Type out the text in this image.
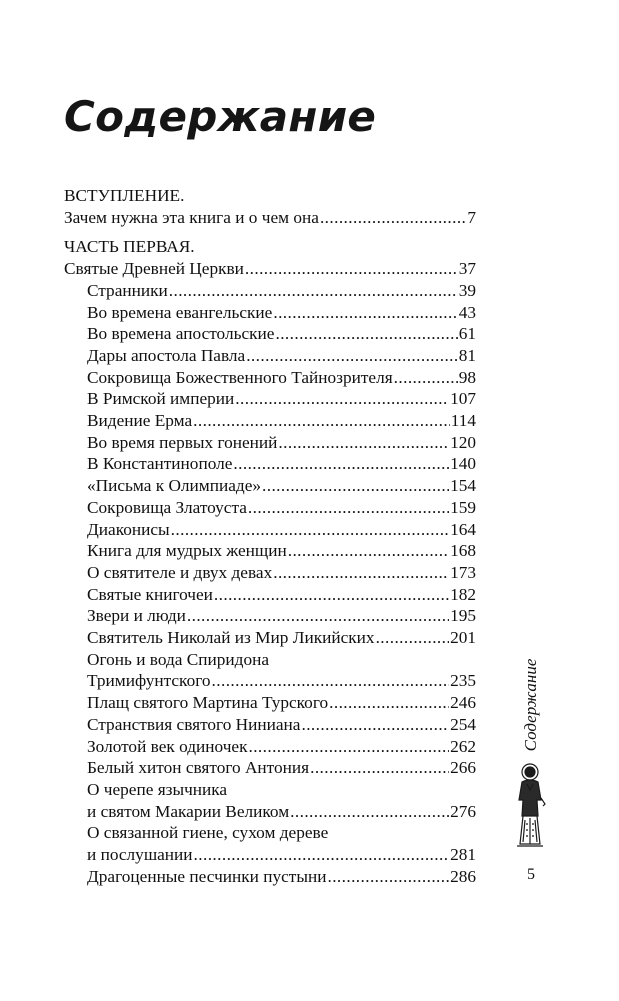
Содержание
ВСТУПЛЕНИЕ.
Зачем нужна эта книга и о чем она .....	7
ЧАСТЬ ПЕРВАЯ.
Святые Древней Церкви .....	37
Странники .....	39
Во времена евангельские .....	43
Во времена апостольские .....	61
Дары апостола Павла .....	81
Сокровища Божественного Тайнозрителя .....	98
В Римской империи .....	107
Видение Ерма .....	114
Во время первых гонений .....	120
В Константинополе .....	140
«Письма к Олимпиаде» .....	154
Сокровища Златоуста .....	159
Диаконисы .....	164
Книга для мудрых женщин .....	168
О святителе и двух девах .....	173
Святые книгочеи .....	182
Звери и люди .....	195
Святитель Николай из Мир Ликийских .....	201
Огонь и вода Спиридона
Тримифунтского .....	235
Плащ святого Мартина Турского .....	246
Странствия святого Ниниана .....	254
Золотой век одиночек .....	262
Белый хитон святого Антония .....	266
О черепе язычника
и святом Макарии Великом .....	276
О связанной гиене, сухом дереве
и послушании .....	281
Драгоценные песчинки пустыни .....	286
Содержание
5
